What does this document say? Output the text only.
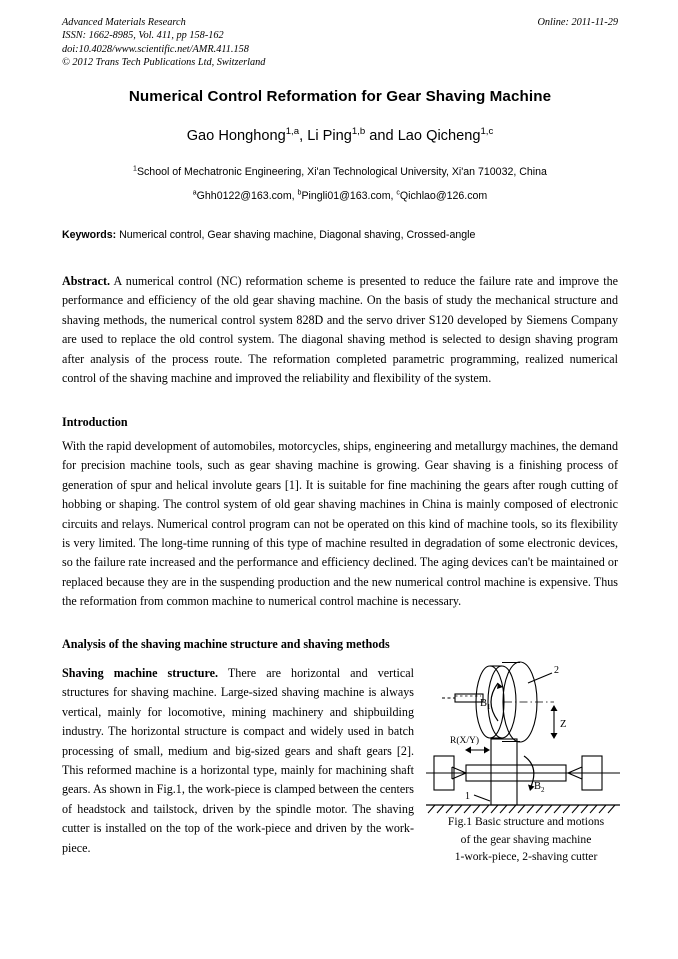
Advanced Materials Research	Online: 2011-11-29
ISSN: 1662-8985, Vol. 411, pp 158-162
doi:10.4028/www.scientific.net/AMR.411.158
© 2012 Trans Tech Publications Ltd, Switzerland
Numerical Control Reformation for Gear Shaving Machine
Gao Honghong$^{1,a}$, Li Ping$^{1,b}$ and Lao Qicheng$^{1,c}$
$^1$School of Mechatronic Engineering, Xi'an Technological University, Xi'an 710032, China
$^a$Ghh0122@163.com, $^b$Pingli01@163.com, $^c$Qichlao@126.com
Keywords: Numerical control, Gear shaving machine, Diagonal shaving, Crossed-angle
Abstract. A numerical control (NC) reformation scheme is presented to reduce the failure rate and improve the performance and efficiency of the old gear shaving machine. On the basis of study the mechanical structure and shaving methods, the numerical control system 828D and the servo driver S120 developed by Siemens Company are used to replace the old control system. The diagonal shaving method is selected to design shaving program after analysis of the process route. The reformation completed parametric programming, realized numerical control of the shaving machine and improved the reliability and flexibility of the system.
Introduction
With the rapid development of automobiles, motorcycles, ships, engineering and metallurgy machines, the demand for precision machine tools, such as gear shaving machine is growing. Gear shaving is a finishing process of generation of spur and helical involute gears [1]. It is suitable for fine machining the gears after rough cutting of hobbing or shaping. The control system of old gear shaving machines in China is mainly composed of electronic circuits and relays. Numerical control program can not be operated on this kind of machine tools, so its flexibility is very limited. The long-time running of this type of machine resulted in degradation of some electronic devices, so the failure rate increased and the performance and efficiency declined. The aging devices can't be maintained or replaced because they are in the suspending production and the new numerical control machine is expensive. Thus the reformation from common machine to numerical control machine is necessary.
Analysis of the shaving machine structure and shaving methods
Shaving machine structure. There are horizontal and vertical structures for shaving machine. Large-sized shaving machine is always vertical, mainly for locomotive, mining machinery and shipbuilding industry. The horizontal structure is compact and widely used in batch processing of small, medium and big-sized gears and shaft gears [2]. This reformed machine is a horizontal type, mainly for machining shaft gears. As shown in Fig.1, the work-piece is clamped between the centers of headstock and tailstock, driven by the spindle motor. The shaving cutter is installed on the top of the work-piece and driven by the work-piece.
B 1
2
Z
R(X/Y)
B 2
1
Fig.1 Basic structure and motions
of the gear shaving machine
1-work-piece, 2-shaving cutter
